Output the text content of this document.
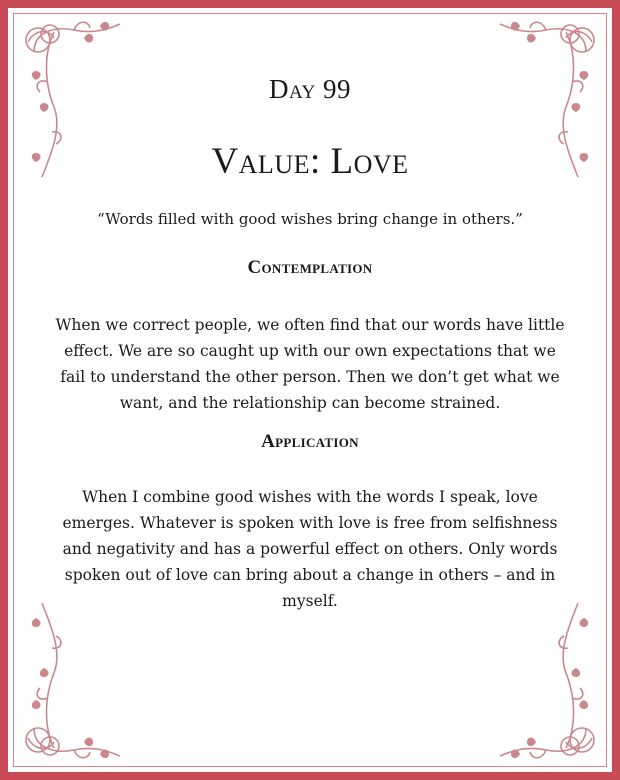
Day 99
Value: Love
“Words filled with good wishes bring change in others.”
Contemplation
When we correct people, we often find that our words have little effect. We are so caught up with our own expectations that we fail to understand the other person. Then we don’t get what we want, and the relationship can become strained.
Application
When I combine good wishes with the words I speak, love emerges. Whatever is spoken with love is free from selfishness and negativity and has a powerful effect on others. Only words spoken out of love can bring about a change in others – and in myself.
